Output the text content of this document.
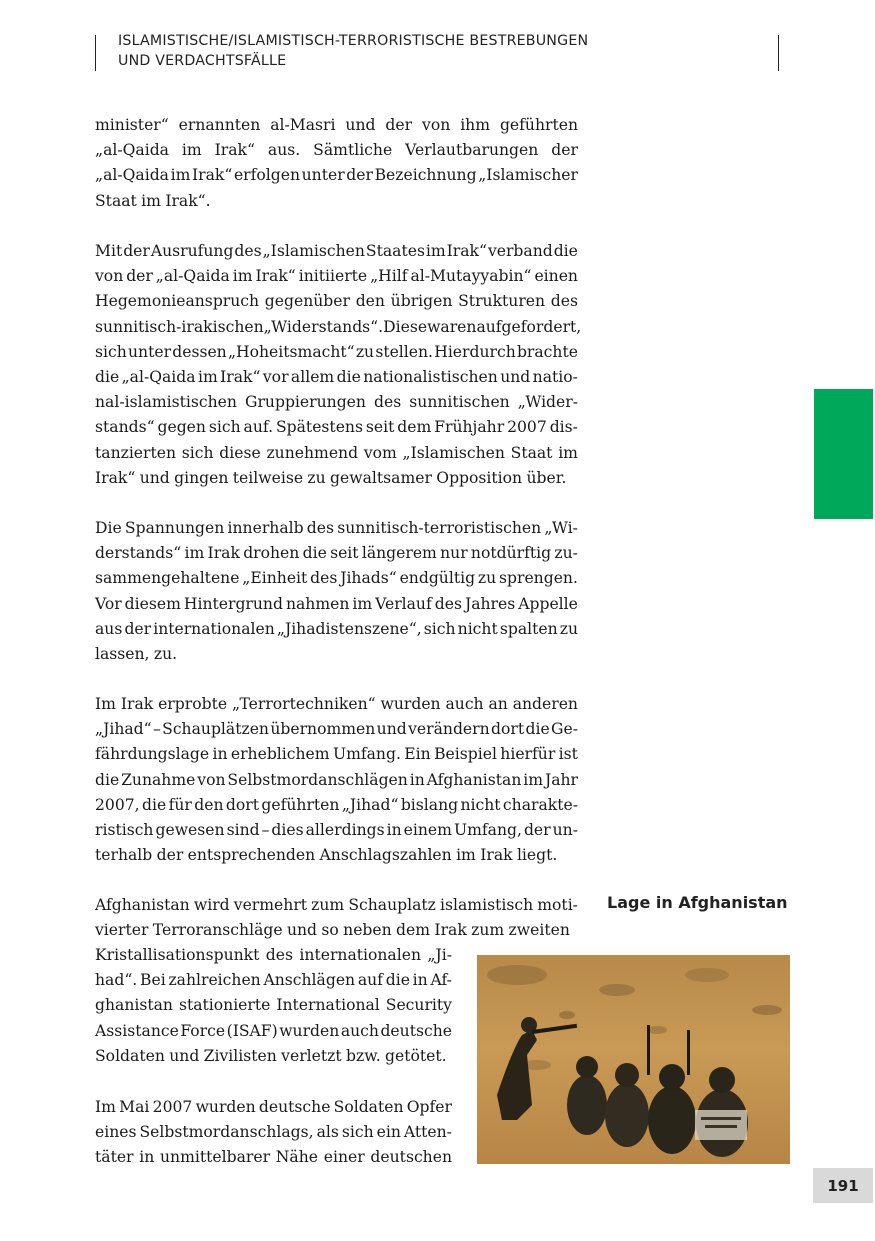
ISLAMISTISCHE/ISLAMISTISCH-TERRORISTISCHE BESTREBUNGEN
UND VERDACHTSFÄLLE
minister“ ernannten al-Masri und der von ihm geführten
„al-Qaida im Irak“ aus. Sämtliche Verlautbarungen der
„al-Qaida im Irak“ erfolgen unter der Bezeichnung „Islamischer
Staat im Irak“.
Mit der Ausrufung des „Islamischen Staates im Irak“ verband die
von der „al-Qaida im Irak“ initiierte „Hilf al-Mutayyabin“ einen
Hegemonieanspruch gegenüber den übrigen Strukturen des
sunnitisch-irakischen „Widerstands“. Diese waren aufgefordert,
sich unter dessen „Hoheitsmacht“ zu stellen. Hierdurch brachte
die „al-Qaida im Irak“ vor allem die nationalistischen und natio-
nal-islamistischen Gruppierungen des sunnitischen „Wider-
stands“ gegen sich auf. Spätestens seit dem Frühjahr 2007 dis-
tanzierten sich diese zunehmend vom „Islamischen Staat im
Irak“ und gingen teilweise zu gewaltsamer Opposition über.
Die Spannungen innerhalb des sunnitisch-terroristischen „Wi-
derstands“ im Irak drohen die seit längerem nur notdürftig zu-
sammengehaltene „Einheit des Jihads“ endgültig zu sprengen.
Vor diesem Hintergrund nahmen im Verlauf des Jahres Appelle
aus der internationalen „Jihadistenszene“, sich nicht spalten zu
lassen, zu.
Im Irak erprobte „Terrortechniken“ wurden auch an anderen
„Jihad“ – Schauplätzen übernommen und verändern dort die Ge-
fährdungslage in erheblichem Umfang. Ein Beispiel hierfür ist
die Zunahme von Selbstmordanschlägen in Afghanistan im Jahr
2007, die für den dort geführten „Jihad“ bislang nicht charakte-
ristisch gewesen sind – dies allerdings in einem Umfang, der un-
terhalb der entsprechenden Anschlagszahlen im Irak liegt.
Afghanistan wird vermehrt zum Schauplatz islamistisch moti-
vierter Terroranschläge und so neben dem Irak zum zweiten
Kristallisationspunkt des internationalen „Ji-
had“. Bei zahlreichen Anschlägen auf die in Af-
ghanistan stationierte International Security
Assistance Force (ISAF) wurden auch deutsche
Soldaten und Zivilisten verletzt bzw. getötet.
Im Mai 2007 wurden deutsche Soldaten Opfer
eines Selbstmordanschlags, als sich ein Atten-
täter in unmittelbarer Nähe einer deutschen
Lage in Afghanistan
191
